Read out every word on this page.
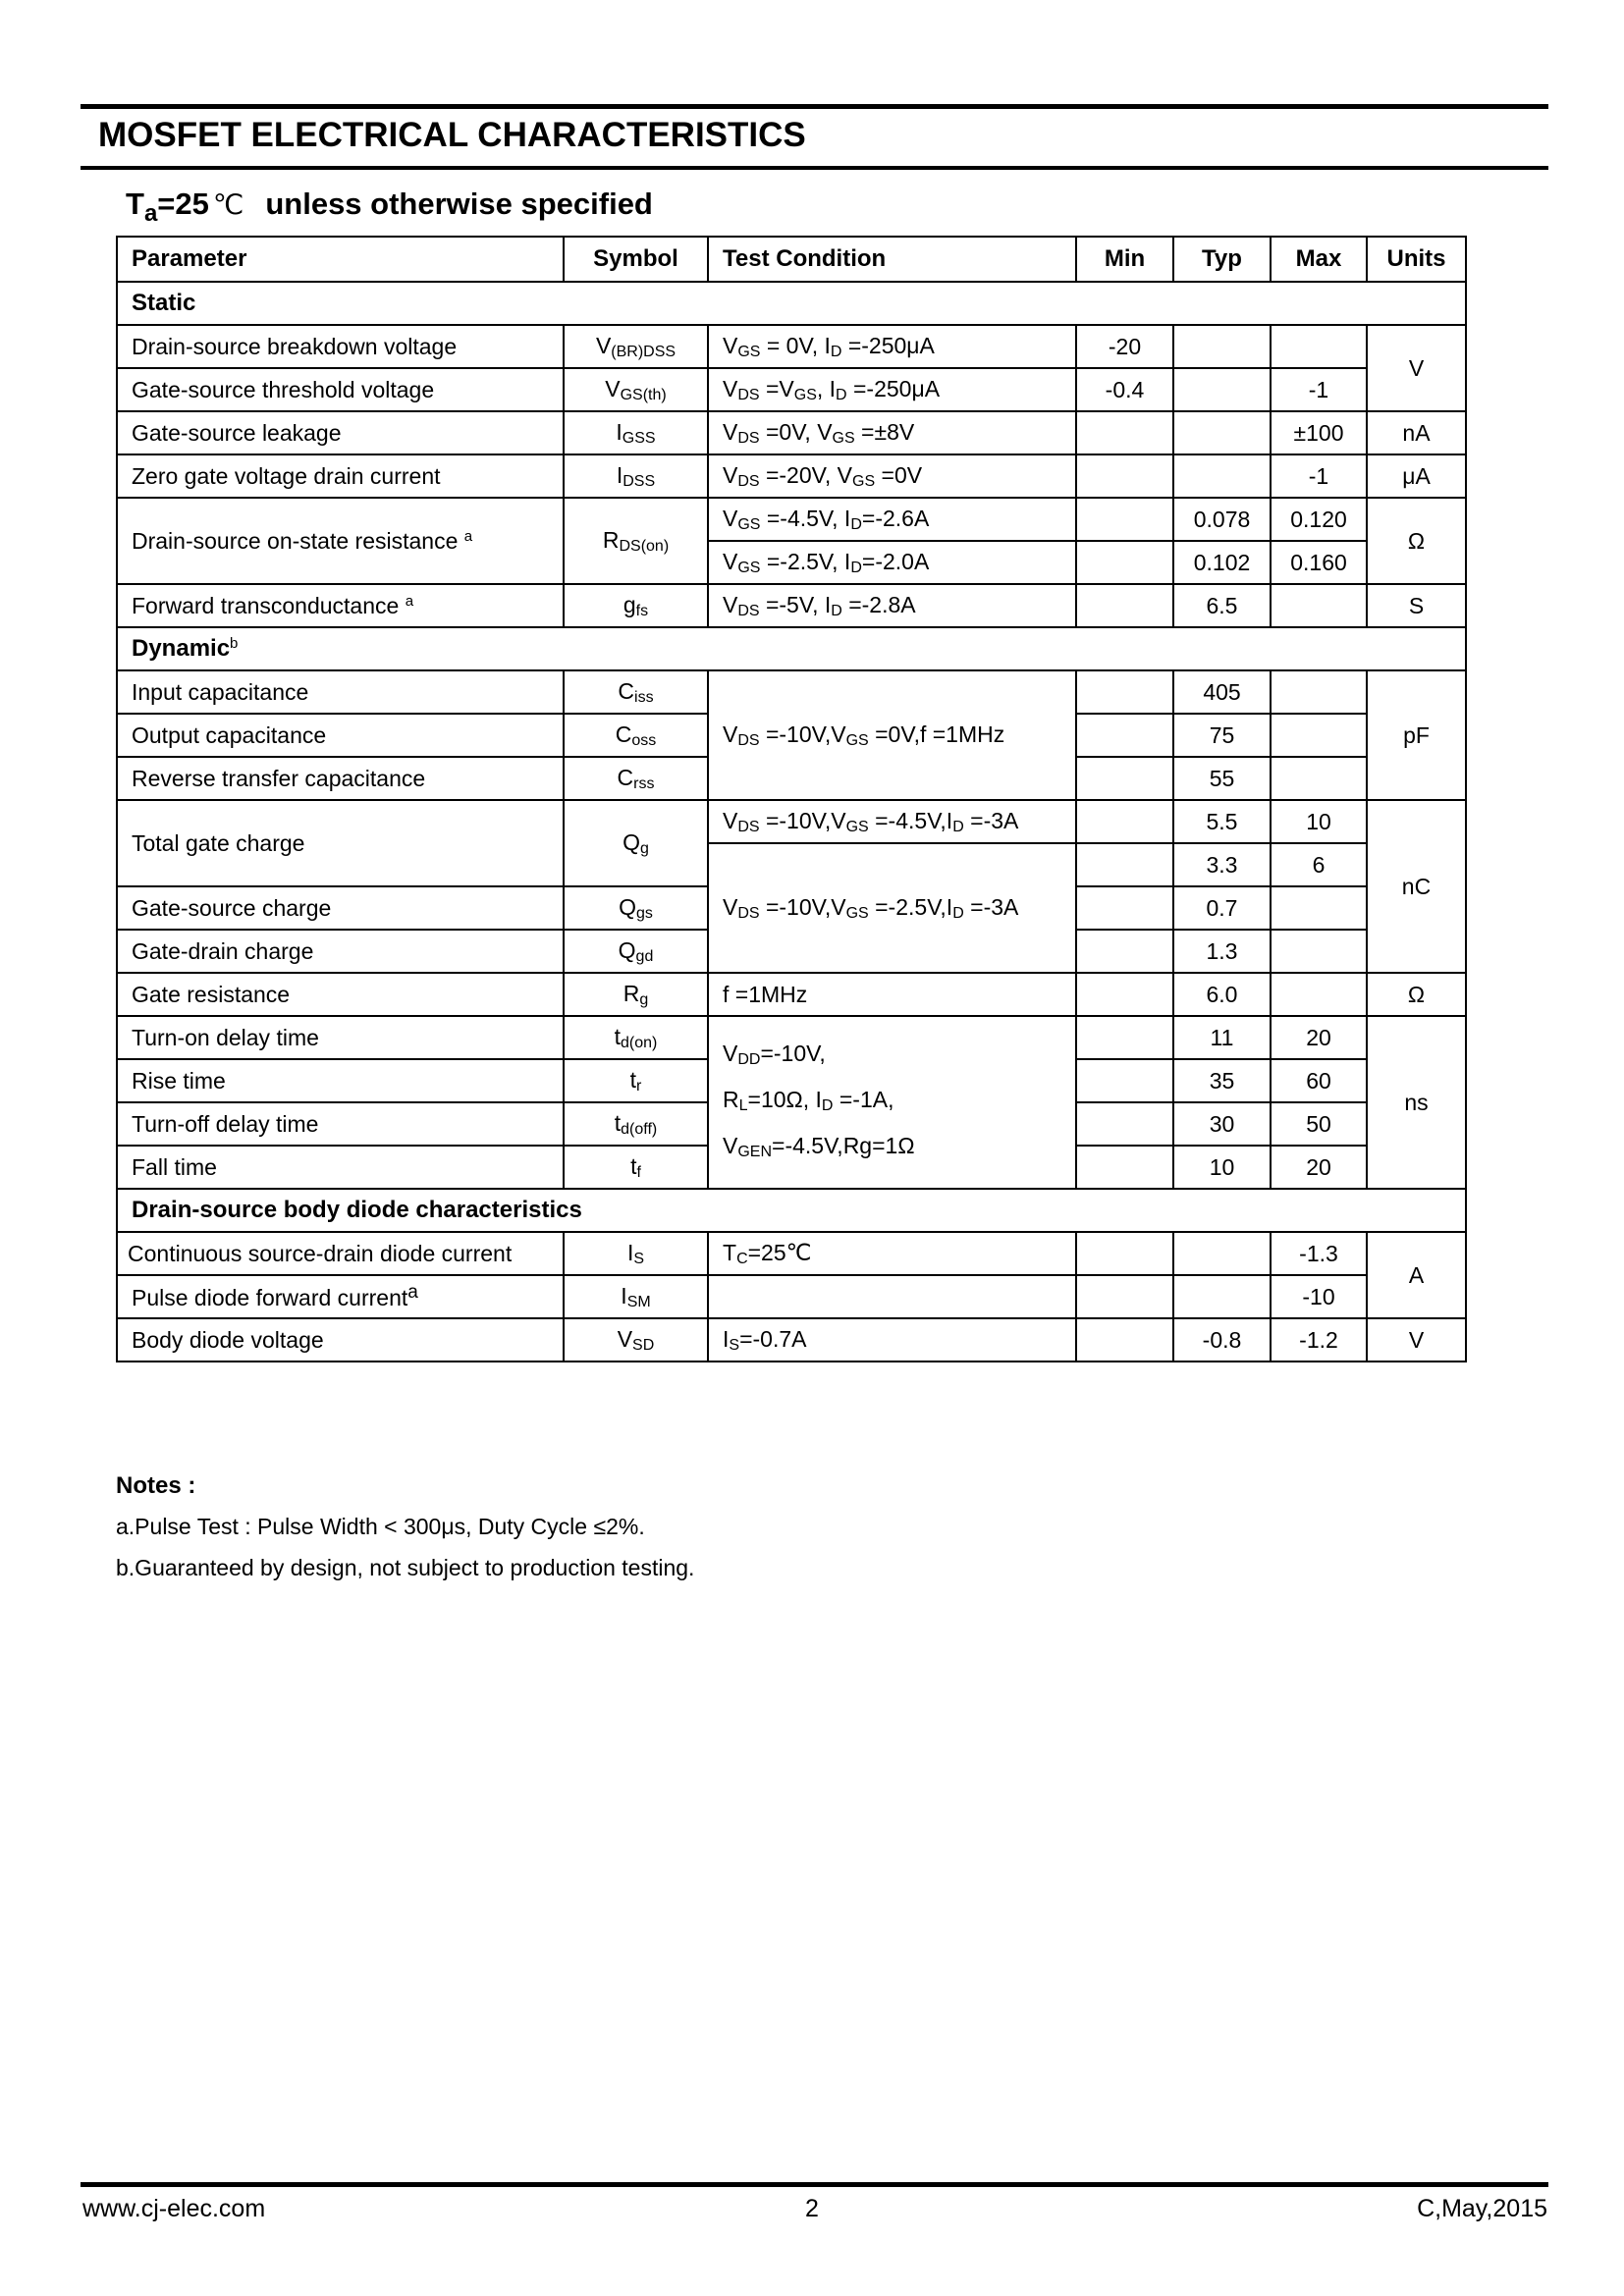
MOSFET ELECTRICAL CHARACTERISTICS
$T_a=25$ ℃ unless otherwise specified
Parameter	Symbol	Test Condition	Min	Typ	Max	Units
Static						
Drain-source breakdown voltage	$V_{(BR)DSS}$	$V_{GS} = 0V$, $I_D =-250\mu A$	-20			V
Gate-source threshold voltage	$V_{GS(th)}$	$V_{DS} =V_{GS}$, $I_D =-250\mu A$	-0.4		-1	
Gate-source leakage	$I_{GSS}$	$V_{DS} =0V$, $V_{GS} =\pm 8V$			±100	nA
Zero gate voltage drain current	$I_{DSS}$	$V_{DS} =-20V$, $V_{GS} =0V$			-1	μA
Drain-source on-state resistance $^a$	$R_{DS(on)}$	$V_{GS} =-4.5V$, $I_D=-2.6A$		0.078	0.120	Ω
		$V_{GS} =-2.5V$, $I_D=-2.0A$		0.102	0.160	
Forward transconductance $^a$	$g_{fs}$	$V_{DS} =-5V$, $I_D =-2.8A$		6.5		S
Dynamic$^b$
Input capacitance	$C_{iss}$	$V_{DS} =-10V,V_{GS} =0V,f =1MHz$		405		pF
Output capacitance	$C_{oss}$			75		
Reverse transfer capacitance	$C_{rss}$			55		
Total gate charge	$Q_g$	$V_{DS} =-10V,V_{GS} =-4.5V,I_D =-3A$		5.5	10	nC
		$V_{DS} =-10V,V_{GS} =-2.5V,I_D =-3A$		3.3	6	
Gate-source charge	$Q_{gs}$			0.7		
Gate-drain charge	$Q_{gd}$			1.3		
Gate resistance	$R_g$	f =1MHz		6.0		Ω
Turn-on delay time	$t_{d(on)}$	$V_{DD}=-10V$,
$R_L=10\Omega$, $I_D =-1A$,
$V_{GEN}=-4.5V,Rg=1\Omega$		11	20	ns
Rise time	$t_r$			35	60	
Turn-off delay time	$t_{d(off)}$			30	50	
Fall time	$t_f$			10	20	
Drain-source body diode characteristics						
Continuous source-drain diode current	$I_S$	$T_C=25℃$			-1.3	A
Pulse diode forward current$^a$	$I_{SM}$				-10	
Body diode voltage	$V_{SD}$	$I_S=-0.7A$		-0.8	-1.2	V
Notes :
a.Pulse Test : Pulse Width < 300μs, Duty Cycle ≤2%.
b.Guaranteed by design, not subject to production testing.
www.cj-elec.com	2	C,May,2015
